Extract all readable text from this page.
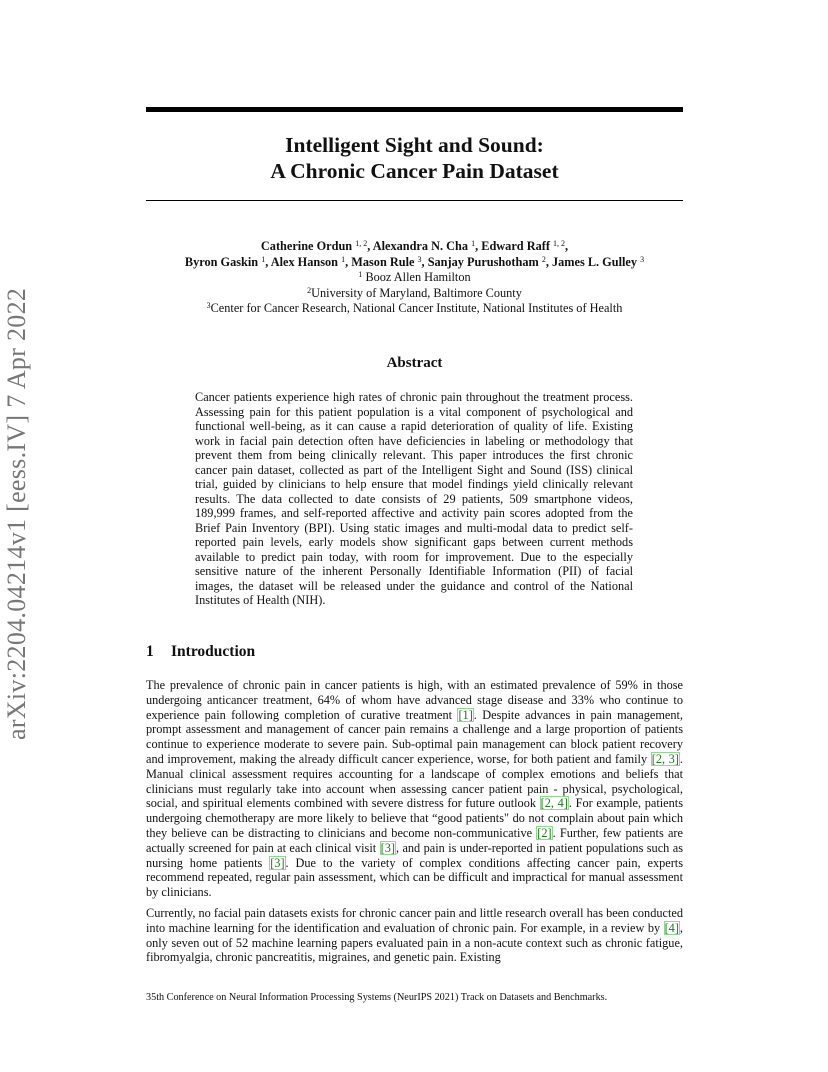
arXiv:2204.04214v1 [eess.IV] 7 Apr 2022
Intelligent Sight and Sound:
A Chronic Cancer Pain Dataset
Catherine Ordun $^{1, 2}$, Alexandra N. Cha $^1$, Edward Raff $^{1, 2}$,
Byron Gaskin $^1$, Alex Hanson $^1$, Mason Rule $^3$, Sanjay Purushotham $^2$, James L. Gulley $^3$
$^1$ Booz Allen Hamilton
$^2$University of Maryland, Baltimore County
$^3$Center for Cancer Research, National Cancer Institute, National Institutes of Health
Abstract
Cancer patients experience high rates of chronic pain throughout the treatment process. Assessing pain for this patient population is a vital component of psychological and functional well-being, as it can cause a rapid deterioration of quality of life. Existing work in facial pain detection often have deficiencies in labeling or methodology that prevent them from being clinically relevant. This paper introduces the first chronic cancer pain dataset, collected as part of the Intelligent Sight and Sound (ISS) clinical trial, guided by clinicians to help ensure that model findings yield clinically relevant results. The data collected to date consists of 29 patients, 509 smartphone videos, 189,999 frames, and self-reported affective and activity pain scores adopted from the Brief Pain Inventory (BPI). Using static images and multi-modal data to predict self-reported pain levels, early models show significant gaps between current methods available to predict pain today, with room for improvement. Due to the especially sensitive nature of the inherent Personally Identifiable Information (PII) of facial images, the dataset will be released under the guidance and control of the National Institutes of Health (NIH).
1 Introduction

The prevalence of chronic pain in cancer patients is high, with an estimated prevalence of 59% in those undergoing anticancer treatment, 64% of whom have advanced stage disease and 33% who continue to experience pain following completion of curative treatment [1]. Despite advances in pain management, prompt assessment and management of cancer pain remains a challenge and a large proportion of patients continue to experience moderate to severe pain. Sub-optimal pain management can block patient recovery and improvement, making the already difficult cancer experience, worse, for both patient and family [2, 3]. Manual clinical assessment requires accounting for a landscape of complex emotions and beliefs that clinicians must regularly take into account when assessing cancer patient pain - physical, psychological, social, and spiritual elements combined with severe distress for future outlook [2, 4]. For example, patients undergoing chemotherapy are more likely to believe that “good patients" do not complain about pain which they believe can be distracting to clinicians and become non-communicative [2]. Further, few patients are actually screened for pain at each clinical visit [3], and pain is under-reported in patient populations such as nursing home patients [3]. Due to the variety of complex conditions affecting cancer pain, experts recommend repeated, regular pain assessment, which can be difficult and impractical for manual assessment by clinicians.

Currently, no facial pain datasets exists for chronic cancer pain and little research overall has been conducted into machine learning for the identification and evaluation of chronic pain. For example, in a review by [4], only seven out of 52 machine learning papers evaluated pain in a non-acute context such as chronic fatigue, fibromyalgia, chronic pancreatitis, migraines, and genetic pain. Existing

35th Conference on Neural Information Processing Systems (NeurIPS 2021) Track on Datasets and Benchmarks.
